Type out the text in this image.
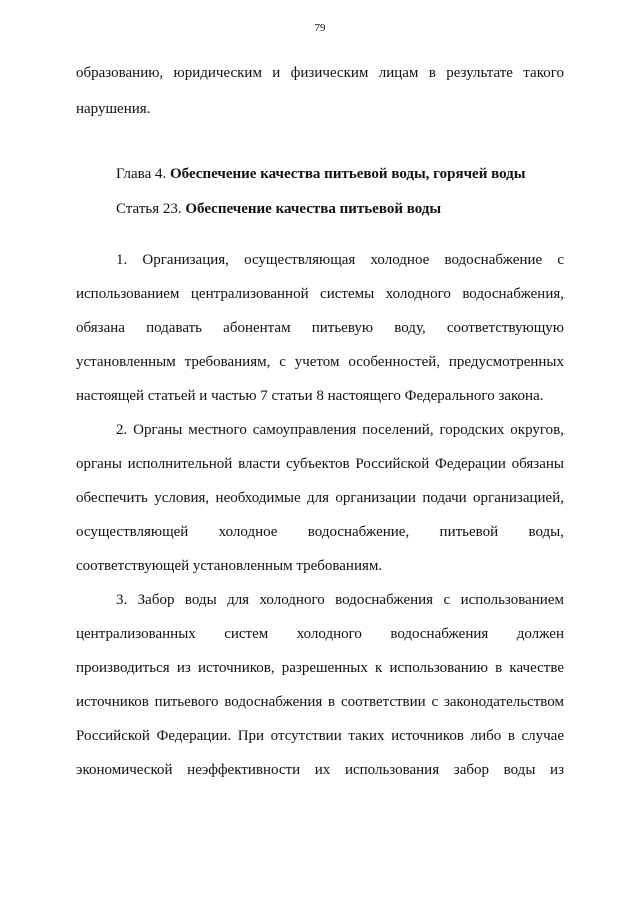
79
образованию, юридическим и физическим лицам в результате такого
нарушения.
Глава 4. Обеспечение качества питьевой воды, горячей воды
Статья 23. Обеспечение качества питьевой воды
1. Организация, осуществляющая холодное водоснабжение с
использованием централизованной системы холодного водоснабжения,
обязана подавать абонентам питьевую воду, соответствующую
установленным требованиям, с учетом особенностей, предусмотренных
настоящей статьей и частью 7 статьи 8 настоящего Федерального закона.
2. Органы местного самоуправления поселений, городских округов,
органы исполнительной власти субъектов Российской Федерации обязаны
обеспечить условия, необходимые для организации подачи организацией,
осуществляющей холодное водоснабжение, питьевой воды,
соответствующей установленным требованиям.
3. Забор воды для холодного водоснабжения с использованием
централизованных систем холодного водоснабжения должен
производиться из источников, разрешенных к использованию в качестве
источников питьевого водоснабжения в соответствии с законодательством
Российской Федерации. При отсутствии таких источников либо в случае
экономической неэффективности их использования забор воды из
